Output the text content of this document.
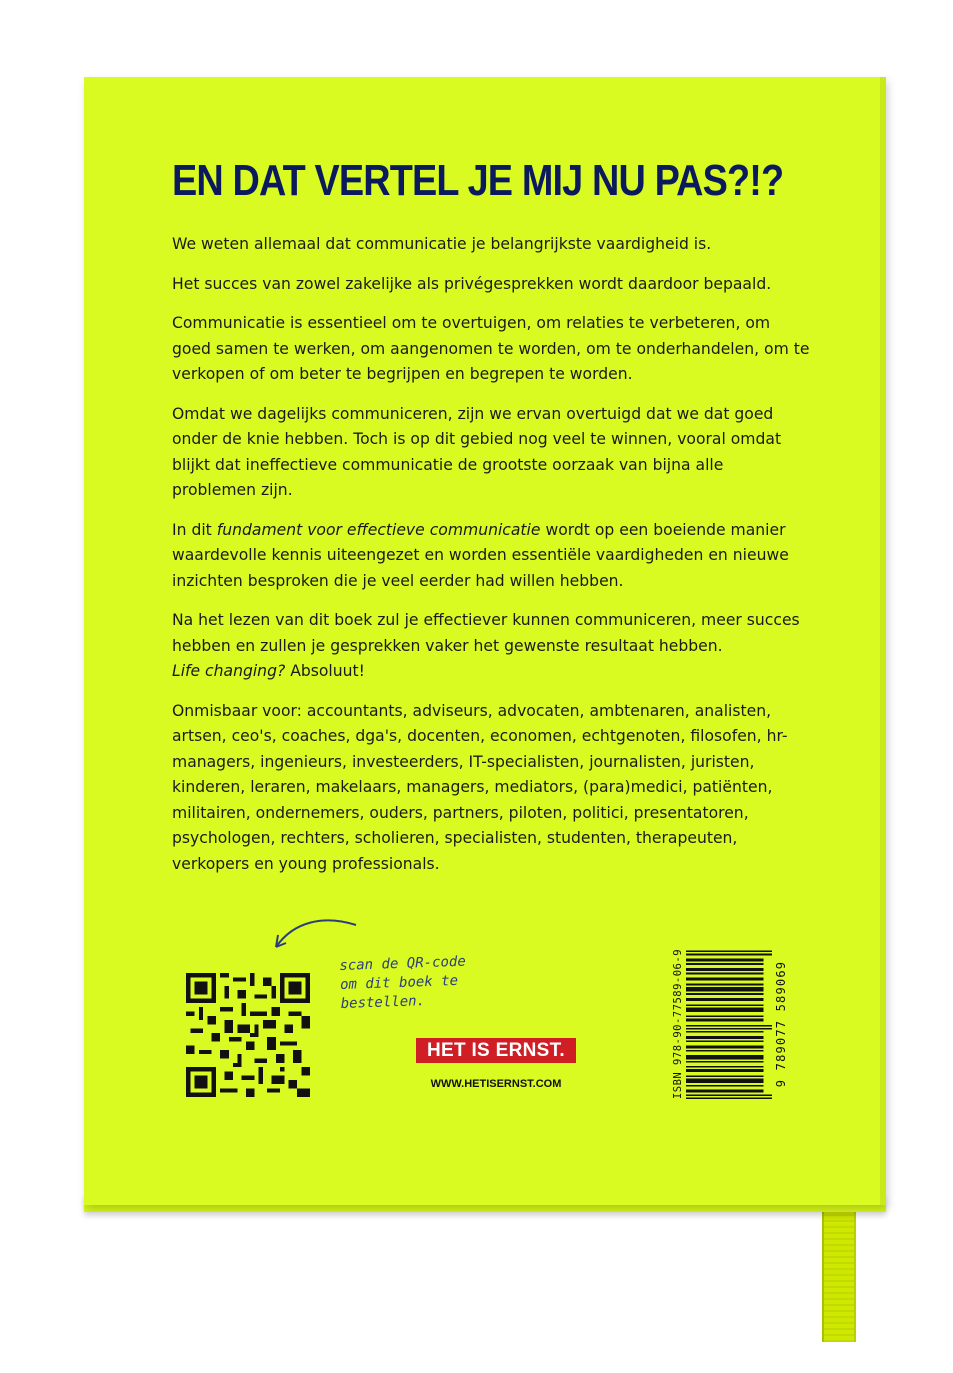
EN DAT VERTEL JE MIJ NU PAS?!?

We weten allemaal dat communicatie je belangrijkste vaardigheid is.

Het succes van zowel zakelijke als privégesprekken wordt daardoor bepaald.

Communicatie is essentieel om te overtuigen, om relaties te verbeteren, om goed samen te werken, om aangenomen te worden, om te onderhandelen, om te verkopen of om beter te begrijpen en begrepen te worden.

Omdat we dagelijks communiceren, zijn we ervan overtuigd dat we dat goed onder de knie hebben. Toch is op dit gebied nog veel te winnen, vooral omdat blijkt dat ineffectieve communicatie de grootste oorzaak van bijna alle problemen zijn.

In dit fundament voor effectieve communicatie wordt op een boeiende manier waardevolle kennis uiteengezet en worden essentiële vaardigheden en nieuwe inzichten besproken die je veel eerder had willen hebben.

Na het lezen van dit boek zul je effectiever kunnen communiceren, meer succes hebben en zullen je gesprekken vaker het gewenste resultaat hebben.
Life changing? Absoluut!

Onmisbaar voor: accountants, adviseurs, advocaten, ambtenaren, analisten, artsen, ceo's, coaches, dga's, docenten, economen, echtgenoten, filosofen, hr-managers, ingenieurs, investeerders, IT-specialisten, journalisten, juristen, kinderen, leraren, makelaars, managers, mediators, (para)medici, patiënten, militairen, ondernemers, ouders, partners, piloten, politici, presentatoren, psychologen, rechters, scholieren, specialisten, studenten, therapeuten, verkopers en young professionals.

scan de QR-code
om dit boek te
bestellen.
HET IS ERNST.
WWW.HETISERNST.COM	ISBN 978-90-77589-06-9	9 789077 589069
